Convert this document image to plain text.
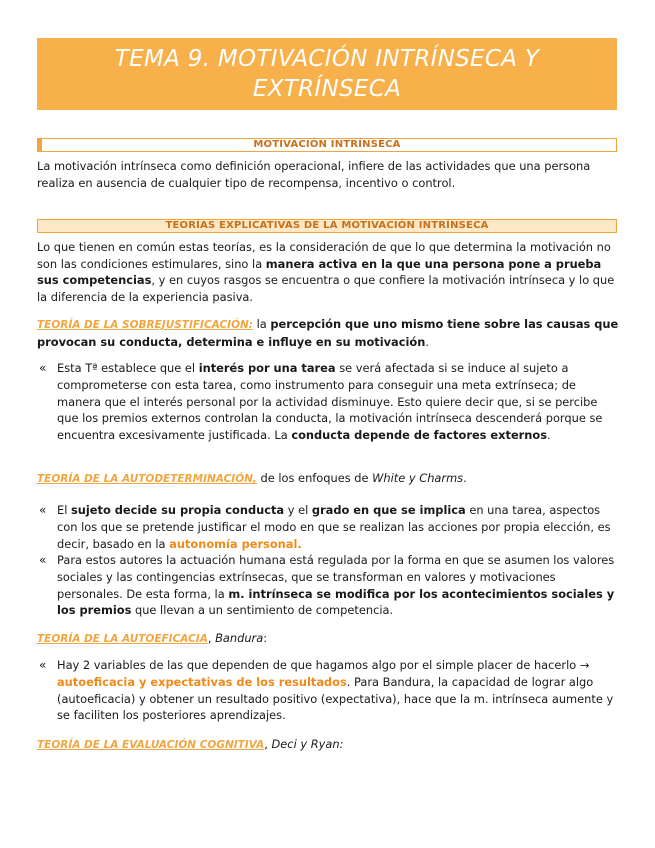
TEMA 9. MOTIVACIÓN INTRÍNSECA Y
EXTRÍNSECA
MOTIVACIÓN INTRÍNSECA
La motivación intrínseca como definición operacional, infiere de las actividades que una persona realiza en ausencia de cualquier tipo de recompensa, incentivo o control.
TEORÍAS EXPLICATIVAS DE LA MOTIVACIÓN INTRÍNSECA
Lo que tienen en común estas teorías, es la consideración de que lo que determina la motivación no son las condiciones estimulares, sino la manera activa en la que una persona pone a prueba sus competencias, y en cuyos rasgos se encuentra o que confiere la motivación intrínseca y lo que la diferencia de la experiencia pasiva.
TEORÍA DE LA SOBREJUSTIFICACIÓN: la percepción que uno mismo tiene sobre las causas que provocan su conducta, determina e influye en su motivación.
« Esta Tª establece que el interés por una tarea se verá afectada si se induce al sujeto a comprometerse con esta tarea, como instrumento para conseguir una meta extrínseca; de manera que el interés personal por la actividad disminuye. Esto quiere decir que, si se percibe que los premios externos controlan la conducta, la motivación intrínseca descenderá porque se encuentra excesivamente justificada. La conducta depende de factores externos.
TEORÍA DE LA AUTODETERMINACIÓN, de los enfoques de White y Charms.
« El sujeto decide su propia conducta y el grado en que se implica en una tarea, aspectos con los que se pretende justificar el modo en que se realizan las acciones por propia elección, es decir, basado en la autonomía personal.
« Para estos autores la actuación humana está regulada por la forma en que se asumen los valores sociales y las contingencias extrínsecas, que se transforman en valores y motivaciones personales. De esta forma, la m. intrínseca se modifica por los acontecimientos sociales y los premios que llevan a un sentimiento de competencia.
TEORÍA DE LA AUTOEFICACIA, Bandura:
« Hay 2 variables de las que dependen de que hagamos algo por el simple placer de hacerlo → autoeficacia y expectativas de los resultados. Para Bandura, la capacidad de lograr algo (autoeficacia) y obtener un resultado positivo (expectativa), hace que la m. intrínseca aumente y se faciliten los posteriores aprendizajes.
TEORÍA DE LA EVALUACIÓN COGNITIVA, Deci y Ryan:
